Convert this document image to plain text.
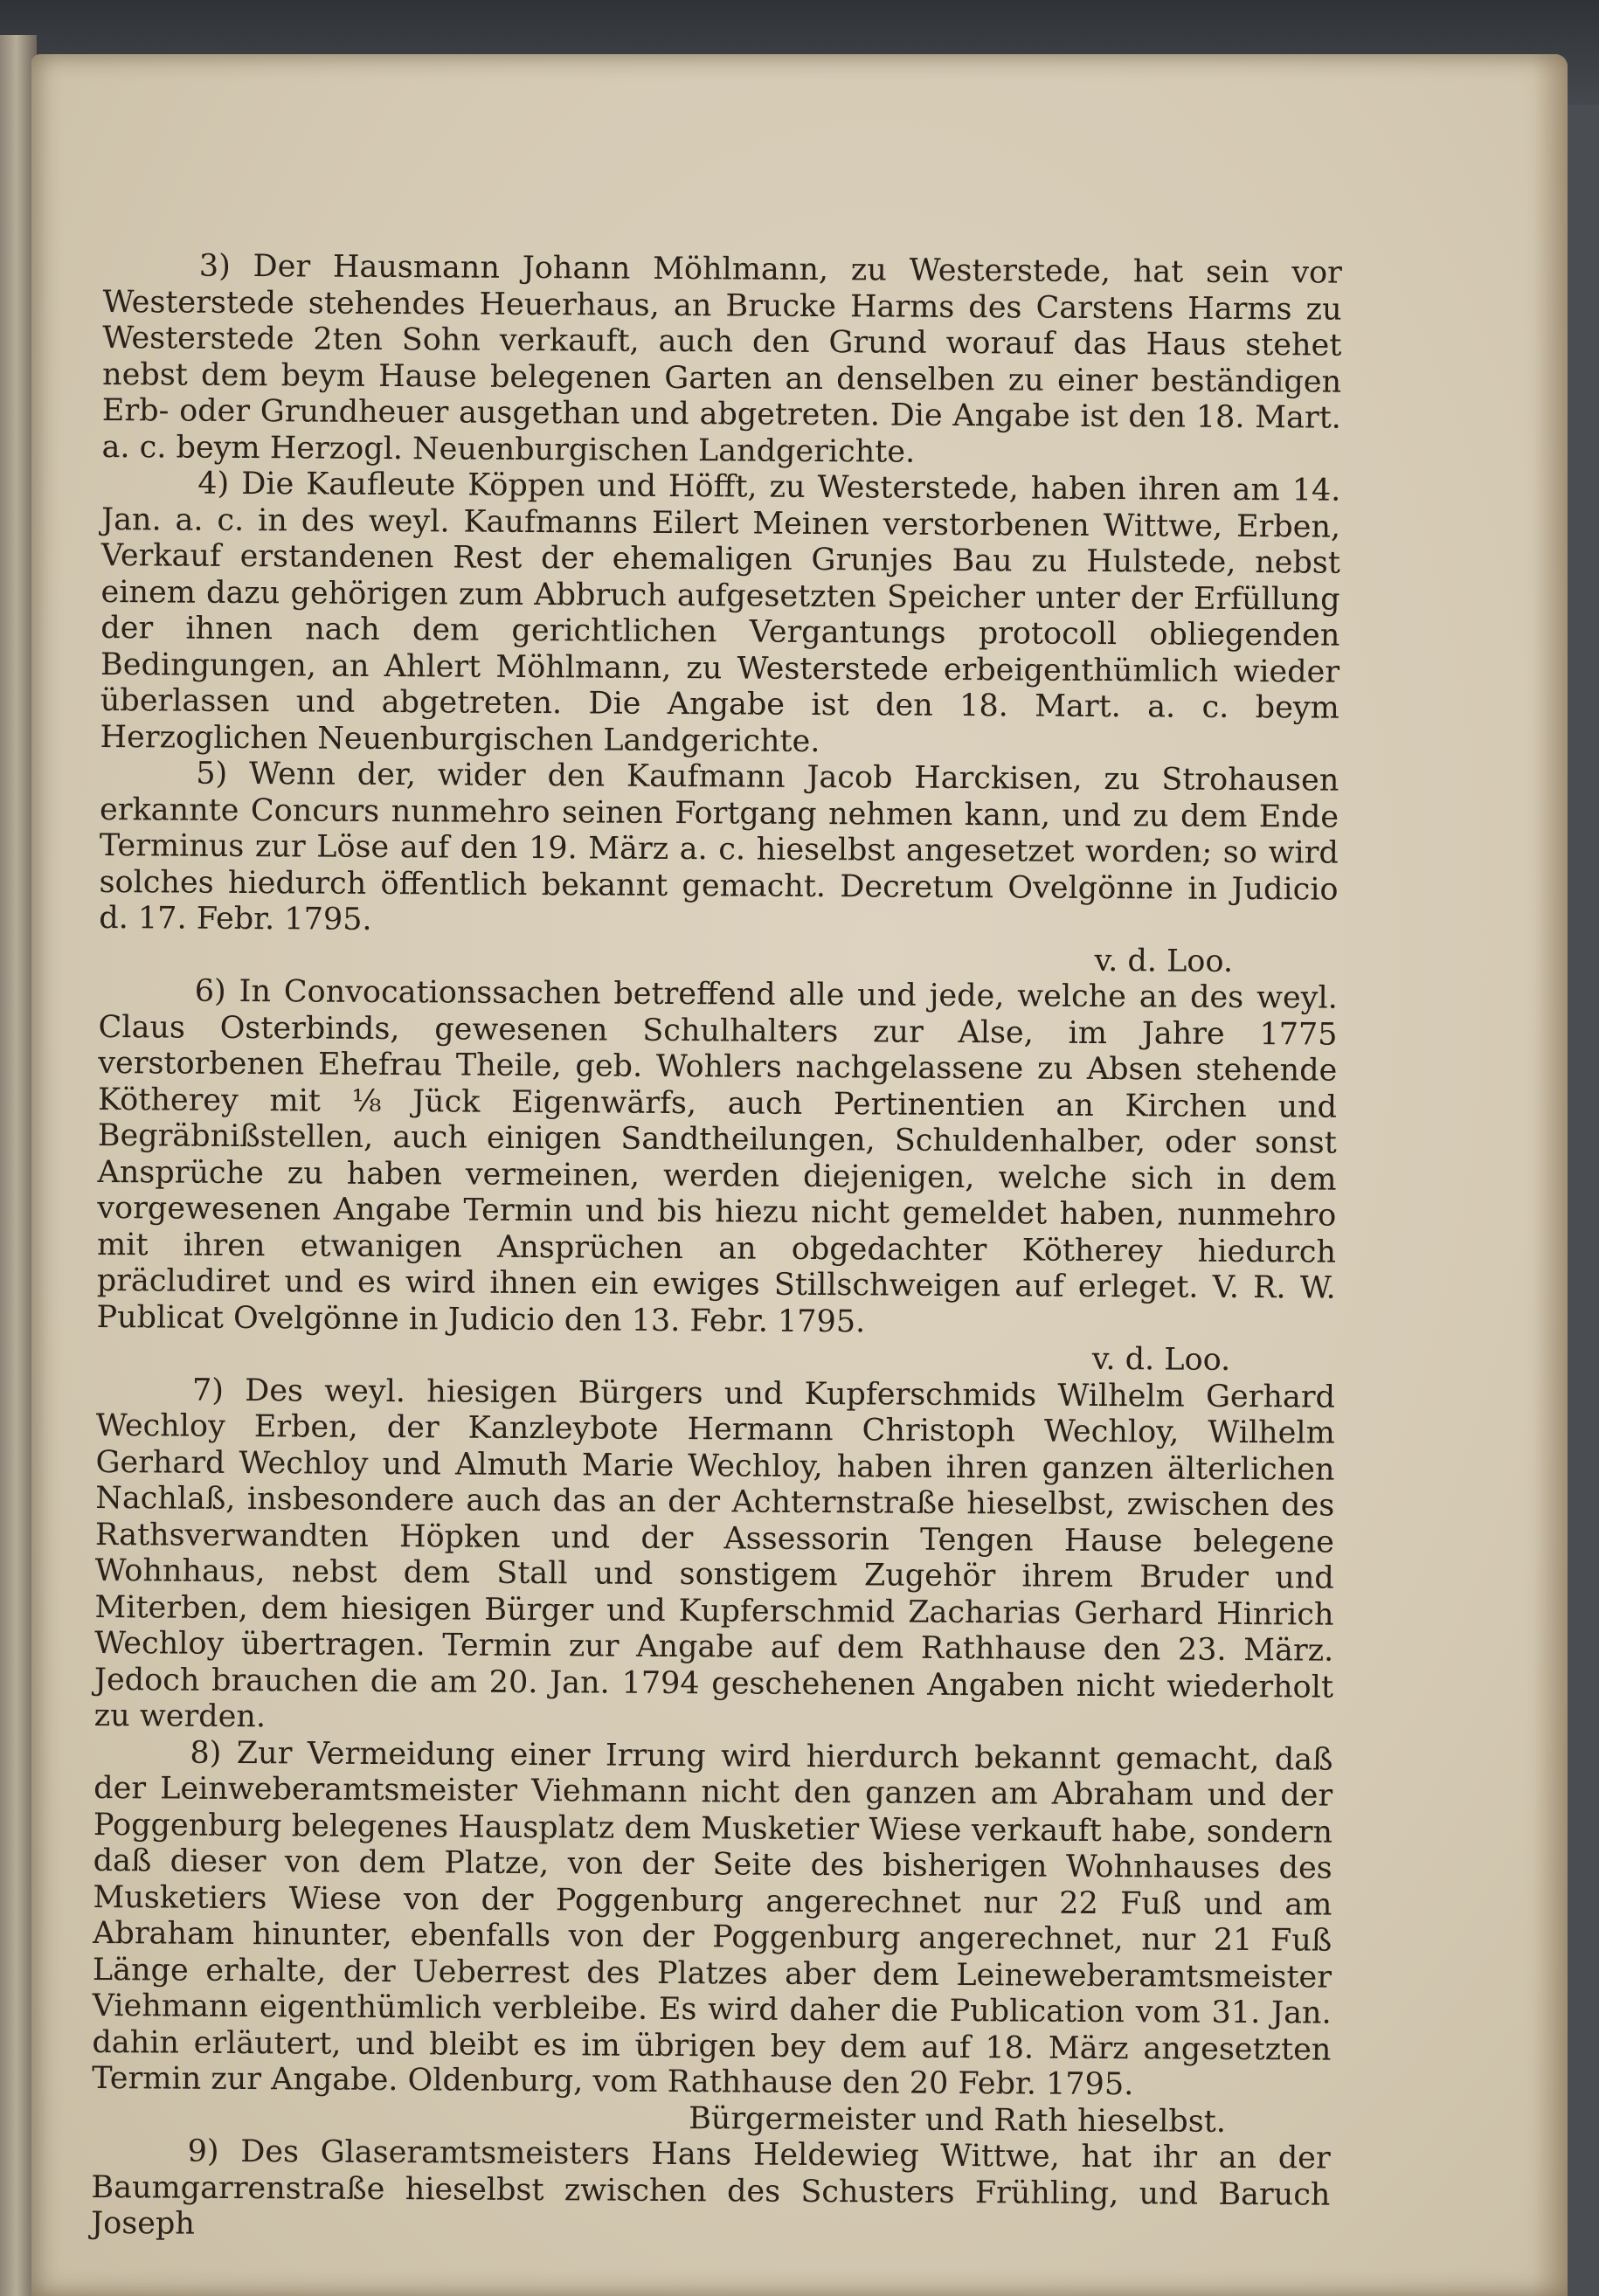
3) Der Hausmann Johann Möhlmann, zu Westerstede, hat sein vor Westerstede stehendes Heuerhaus, an Brucke Harms des Carstens Harms zu Westerstede 2ten Sohn verkauft, auch den Grund worauf das Haus stehet nebst dem beym Hause belegenen Garten an denselben zu einer beständigen Erb- oder Grundheuer ausgethan und abgetreten. Die Angabe ist den 18. Mart. a. c. beym Herzogl. Neuenburgischen Landgerichte.

4) Die Kaufleute Köppen und Höfft, zu Westerstede, haben ihren am 14. Jan. a. c. in des weyl. Kaufmanns Eilert Meinen verstorbenen Wittwe, Erben, Verkauf erstandenen Rest der ehemaligen Grunjes Bau zu Hulstede, nebst einem dazu gehörigen zum Abbruch aufgesetzten Speicher unter der Erfüllung der ihnen nach dem gerichtlichen Vergantungs protocoll obliegenden Bedingungen, an Ahlert Möhlmann, zu Westerstede erbeigenthümlich wieder überlassen und abgetreten. Die Angabe ist den 18. Mart. a. c. beym Herzoglichen Neuenburgischen Landgerichte.

5) Wenn der, wider den Kaufmann Jacob Harckisen, zu Strohausen erkannte Concurs nunmehro seinen Fortgang nehmen kann, und zu dem Ende Terminus zur Löse auf den 19. März a. c. hieselbst angesetzet worden; so wird solches hiedurch öffentlich bekannt gemacht. Decretum Ovelgönne in Judicio d. 17. Febr. 1795.

v. d. Loo.

6) In Convocationssachen betreffend alle und jede, welche an des weyl. Claus Osterbinds, gewesenen Schulhalters zur Alse, im Jahre 1775 verstorbenen Ehefrau Theile, geb. Wohlers nachgelassene zu Absen stehende Kötherey mit ⅛ Jück Eigenwärfs, auch Pertinentien an Kirchen und Begräbnißstellen, auch einigen Sandtheilungen, Schuldenhalber, oder sonst Ansprüche zu haben vermeinen, werden diejenigen, welche sich in dem vorgewesenen Angabe Termin und bis hiezu nicht gemeldet haben, nunmehro mit ihren etwanigen Ansprüchen an obgedachter Kötherey hiedurch präcludiret und es wird ihnen ein ewiges Stillschweigen auf erleget. V. R. W. Publicat Ovelgönne in Judicio den 13. Febr. 1795.

v. d. Loo.

7) Des weyl. hiesigen Bürgers und Kupferschmids Wilhelm Gerhard Wechloy Erben, der Kanzleybote Hermann Christoph Wechloy, Wilhelm Gerhard Wechloy und Almuth Marie Wechloy, haben ihren ganzen älterlichen Nachlaß, insbesondere auch das an der Achternstraße hieselbst, zwischen des Rathsverwandten Höpken und der Assessorin Tengen Hause belegene Wohnhaus, nebst dem Stall und sonstigem Zugehör ihrem Bruder und Miterben, dem hiesigen Bürger und Kupferschmid Zacharias Gerhard Hinrich Wechloy übertragen. Termin zur Angabe auf dem Rathhause den 23. März. Jedoch brauchen die am 20. Jan. 1794 geschehenen Angaben nicht wiederholt zu werden.

8) Zur Vermeidung einer Irrung wird hierdurch bekannt gemacht, daß der Leinweberamtsmeister Viehmann nicht den ganzen am Abraham und der Poggenburg belegenes Hausplatz dem Musketier Wiese verkauft habe, sondern daß dieser von dem Platze, von der Seite des bisherigen Wohnhauses des Musketiers Wiese von der Poggenburg angerechnet nur 22 Fuß und am Abraham hinunter, ebenfalls von der Poggenburg angerechnet, nur 21 Fuß Länge erhalte, der Ueberrest des Platzes aber dem Leineweberamtsmeister Viehmann eigenthümlich verbleibe. Es wird daher die Publication vom 31. Jan. dahin erläutert, und bleibt es im übrigen bey dem auf 18. März angesetzten Termin zur Angabe. Oldenburg, vom Rathhause den 20 Febr. 1795.

Bürgermeister und Rath hieselbst.

9) Des Glaseramtsmeisters Hans Heldewieg Wittwe, hat ihr an der Baumgarrenstraße hieselbst zwischen des Schusters Frühling, und Baruch Joseph
